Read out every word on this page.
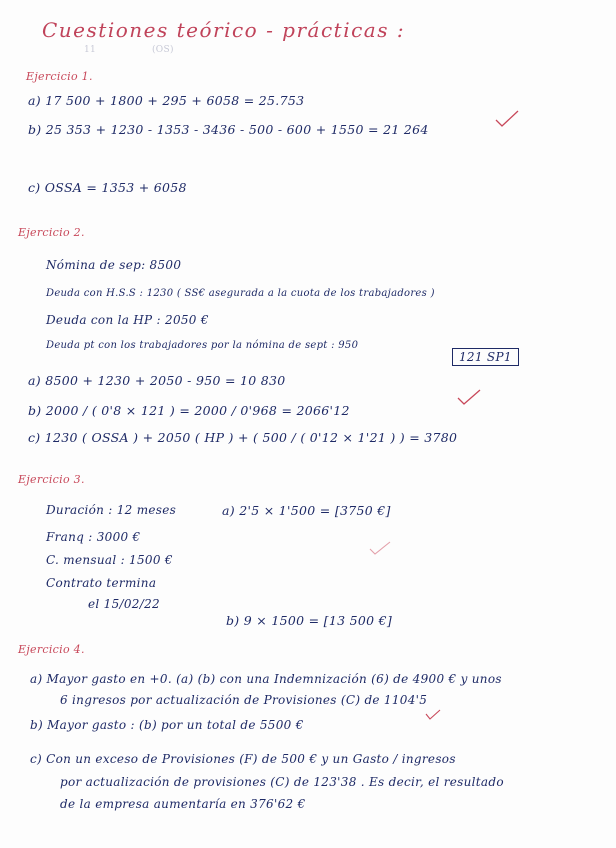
Cuestiones teórico - prácticas :
11	(OS)
Ejercicio 1.
a) 17 500 + 1800 + 295 + 6058 = 25.753
b) 25 353 + 1230 - 1353 - 3436 - 500 - 600 + 1550 = 21 264
c) OSSA = 1353 + 6058
Ejercicio 2.
Nómina de sep: 8500
Deuda con H.S.S : 1230 ( SS€ asegurada a la cuota de los trabajadores )
Deuda con la HP : 2050 €
Deuda pt con los trabajadores por la nómina de sept : 950
121 SP1
a) 8500 + 1230 + 2050 - 950 = 10 830
b) 2000 / ( 0'8 × 121 ) = 2000 / 0'968 = 2066'12
c) 1230 ( OSSA ) + 2050 ( HP ) + ( 500 / ( 0'12 × 1'21 ) ) = 3780
Ejercicio 3.
Duración : 12 meses
Franq : 3000 €
C. mensual : 1500 €
Contrato termina
el 15/02/22
a) 2'5 × 1'500 = [3750 €]
b) 9 × 1500 = [13 500 €]
Ejercicio 4.
a) Mayor gasto en +0. (a) (b) con una Indemnización (6) de 4900 € y unos
6 ingresos por actualización de Provisiones (C) de 1104'5
b) Mayor gasto : (b) por un total de 5500 €
c) Con un exceso de Provisiones (F) de 500 € y un Gasto / ingresos
por actualización de provisiones (C) de 123'38 . Es decir, el resultado
de la empresa aumentaría en 376'62 €
